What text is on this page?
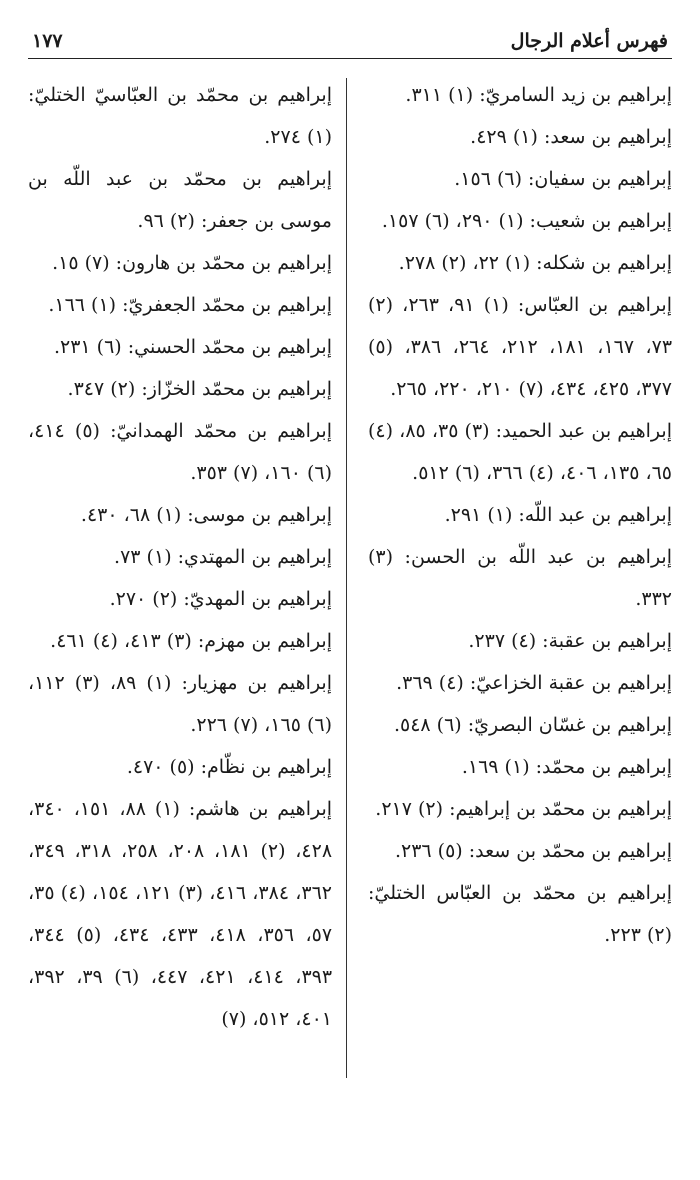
فهرس أعلام الرجال
١٧٧

إبراهيم بن زيد السامريّ: (١) ٣١١.

إبراهيم بن سعد: (١) ٤٢٩.

إبراهيم بن سفيان: (٦) ١٥٦.

إبراهيم بن شعيب: (١) ٢٩٠، (٦) ١٥٧.

إبراهيم بن شكله: (١) ٢٢، (٢) ٢٧٨.

إبراهيم بن العبّاس: (١) ٩١، ٢٦٣، (٢) ٧٣، ١٦٧، ١٨١، ٢١٢، ٢٦٤، ٣٨٦، (٥) ٣٧٧، ٤٢٥، ٤٣٤، (٧) ٢١٠، ٢٢٠، ٢٦٥.

إبراهيم بن عبد الحميد: (٣) ٣٥، ٨٥، (٤) ٦٥، ١٣٥، ٤٠٦، (٤) ٣٦٦، (٦) ٥١٢.

إبراهيم بن عبد اللّه: (١) ٢٩١.

إبراهيم بن عبد اللّه بن الحسن: (٣) ٣٣٢.

إبراهيم بن عقبة: (٤) ٢٣٧.

إبراهيم بن عقبة الخزاعيّ: (٤) ٣٦٩.

إبراهيم بن غسّان البصريّ: (٦) ٥٤٨.

إبراهيم بن محمّد: (١) ١٦٩.

إبراهيم بن محمّد بن إبراهيم: (٢) ٢١٧.

إبراهيم بن محمّد بن سعد: (٥) ٢٣٦.

إبراهيم بن محمّد بن العبّاس الختليّ: (٢) ٢٢٣.

إبراهيم بن محمّد بن العبّاسيّ الختليّ: (١) ٢٧٤.

إبراهيم بن محمّد بن عبد اللّه بن موسى بن جعفر: (٢) ٩٦.

إبراهيم بن محمّد بن هارون: (٧) ١٥.

إبراهيم بن محمّد الجعفريّ: (١) ١٦٦.

إبراهيم بن محمّد الحسني: (٦) ٢٣١.

إبراهيم بن محمّد الخزّاز: (٢) ٣٤٧.

إبراهيم بن محمّد الهمدانيّ: (٥) ٤١٤، (٦) ١٦٠، (٧) ٣٥٣.

إبراهيم بن موسى: (١) ٦٨، ٤٣٠.

إبراهيم بن المهتدي: (١) ٧٣.

إبراهيم بن المهديّ: (٢) ٢٧٠.

إبراهيم بن مهزم: (٣) ٤١٣، (٤) ٤٦١.

إبراهيم بن مهزيار: (١) ٨٩، (٣) ١١٢، (٦) ١٦٥، (٧) ٢٢٦.

إبراهيم بن نظّام: (٥) ٤٧٠.

إبراهيم بن هاشم: (١) ٨٨، ١٥١، ٣٤٠، ٤٢٨، (٢) ١٨١، ٢٠٨، ٢٥٨، ٣١٨، ٣٤٩، ٣٦٢، ٣٨٤، ٤١٦، (٣) ١٢١، ١٥٤، (٤) ٣٥، ٥٧، ٣٥٦، ٤١٨، ٤٣٣، ٤٣٤، (٥) ٣٤٤، ٣٩٣، ٤١٤، ٤٢١، ٤٤٧، (٦) ٣٩، ٣٩٢، ٤٠١، ٥١٢، (٧)
